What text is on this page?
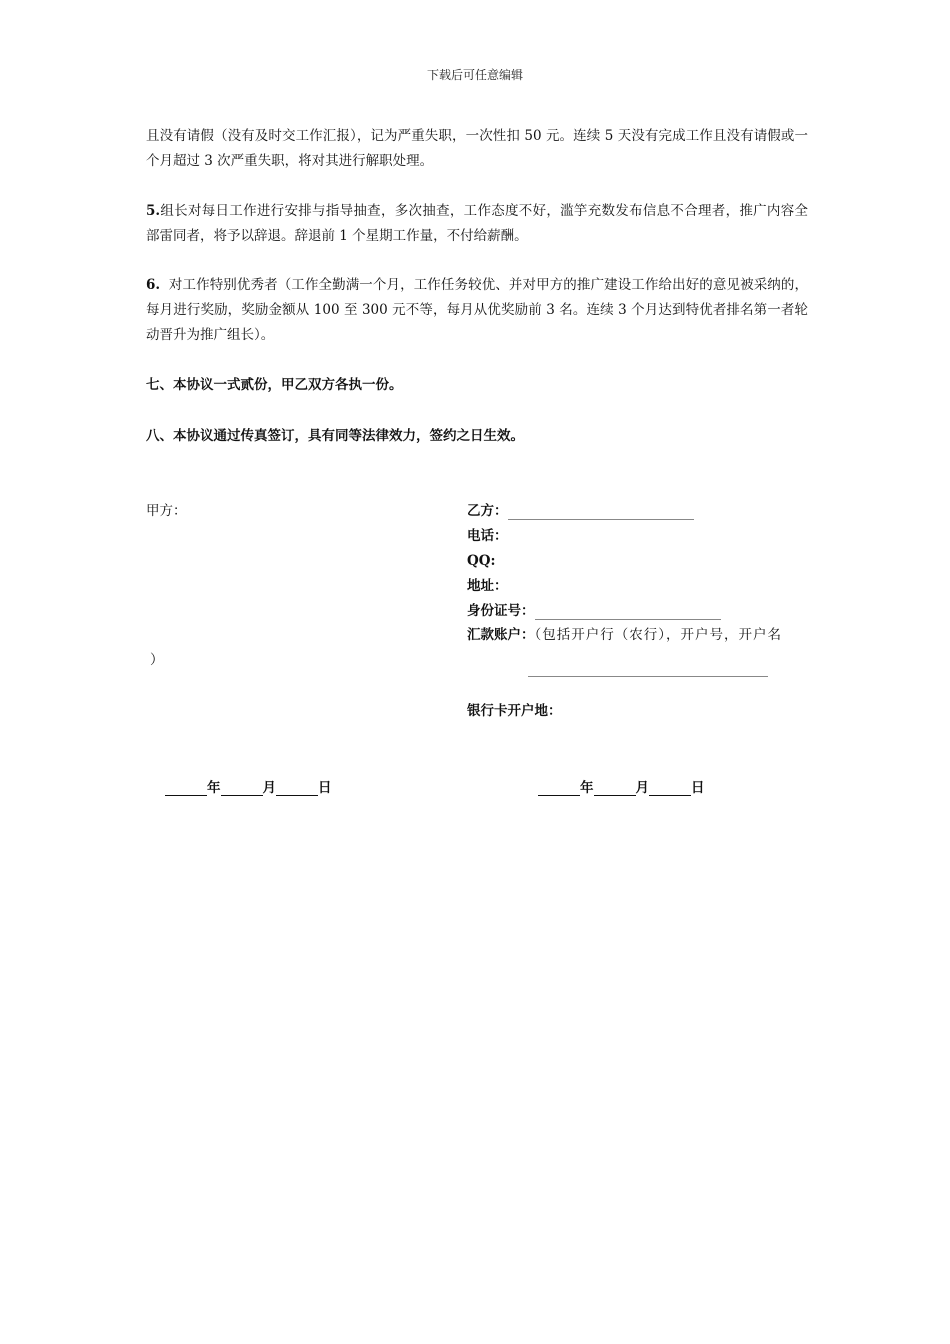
下载后可任意编辑
且没有请假（没有及时交工作汇报），记为严重失职，一次性扣 50 元。连续 5 天没有完成工作且没有请假或一个月超过 3 次严重失职，将对其进行解职处理。
5.组长对每日工作进行安排与指导抽查，多次抽查，工作态度不好，滥竽充数发布信息不合理者，推广内容全部雷同者，将予以辞退。辞退前 1 个星期工作量，不付给薪酬。
6. 对工作特别优秀者（工作全勤满一个月，工作任务较优、并对甲方的推广建设工作给出好的意见被采纳的，每月进行奖励，奖励金额从 100 至 300 元不等，每月从优奖励前 3 名。连续 3 个月达到特优者排名第一者轮动晋升为推广组长）。
七、本协议一式贰份，甲乙双方各执一份。
八、本协议通过传真签订，具有同等法律效力，签约之日生效。
甲方：	乙方：
电话：
QQ:
地址：
身份证号：
汇款账户：（包括开户行（农行），开户号，开户名
）
银行卡开户地：
年	月	日	年	月	日
